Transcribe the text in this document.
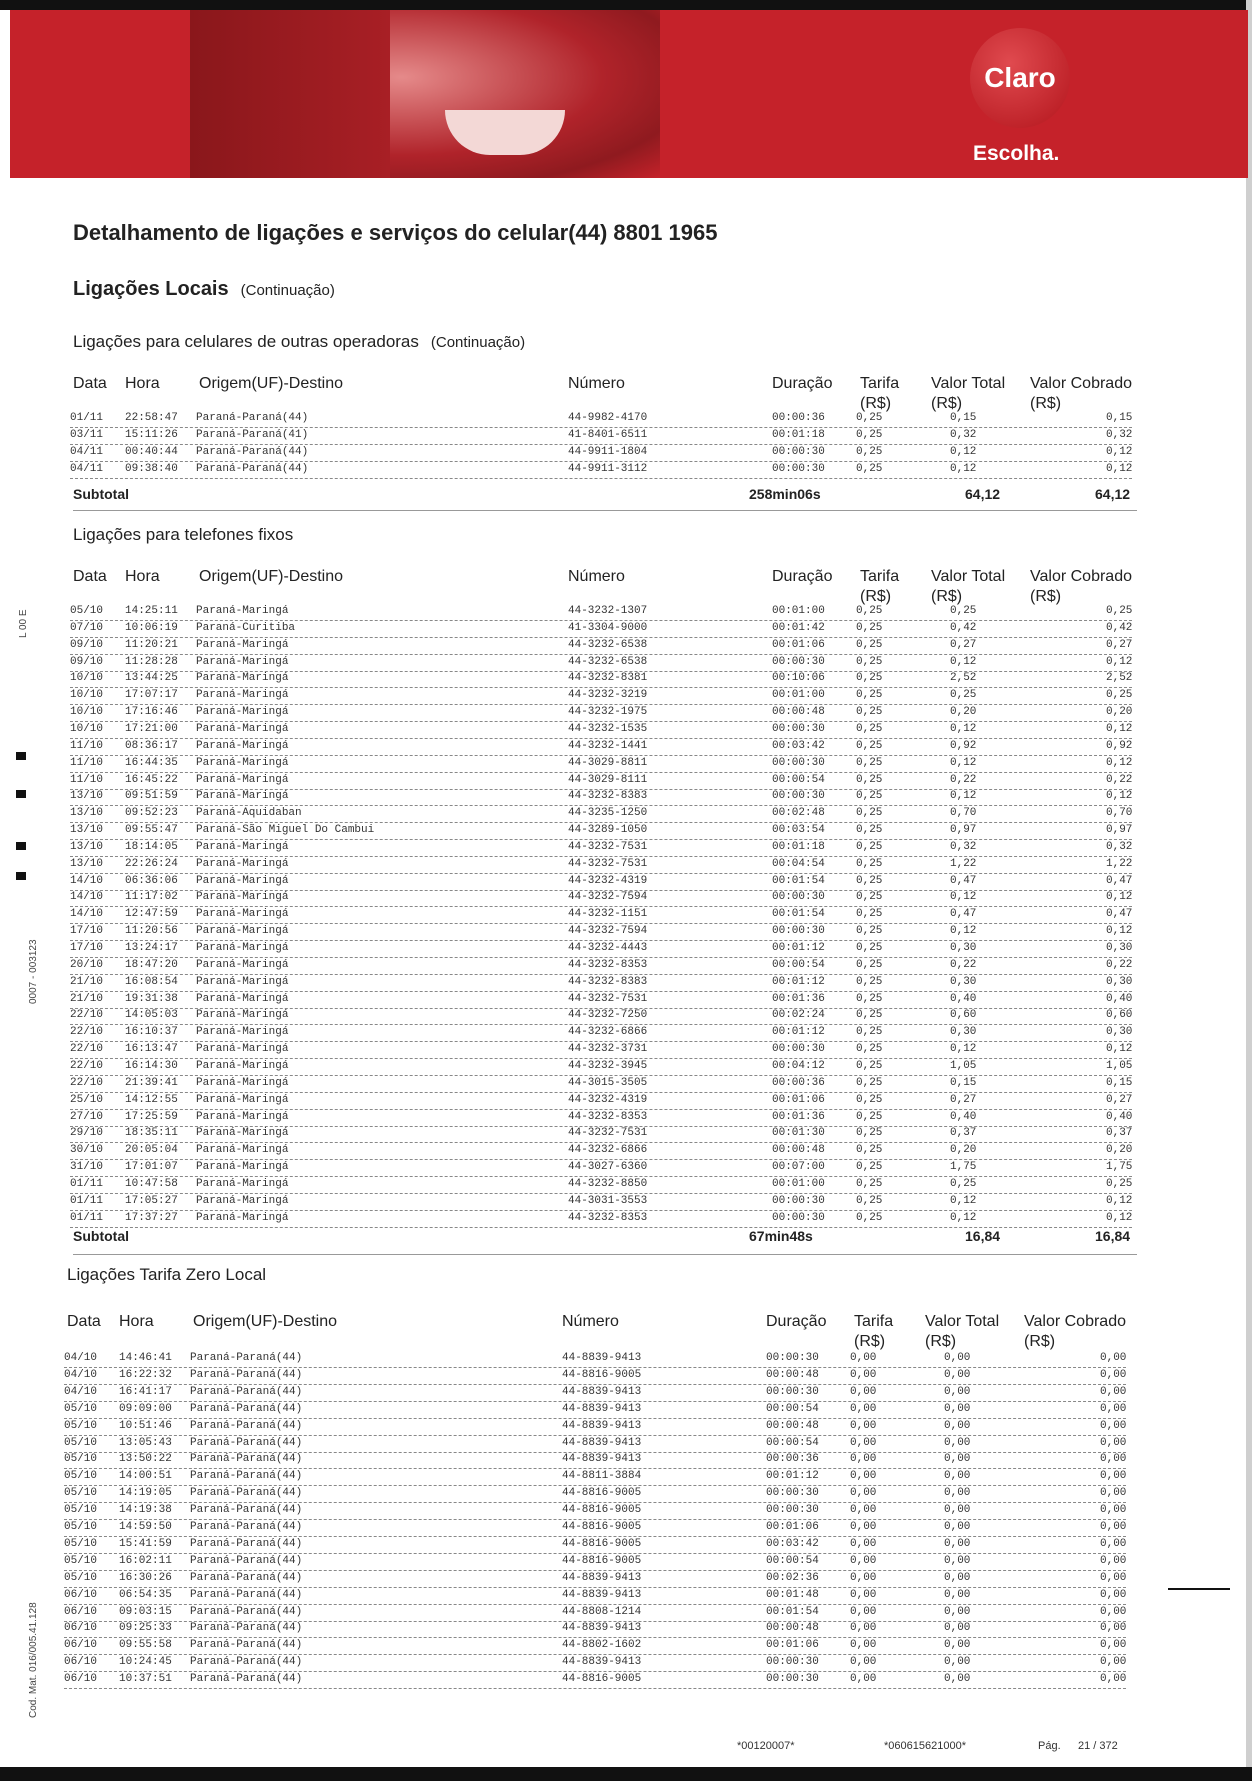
Claro
Escolha.
Detalhamento de ligações e serviços do celular(44) 8801 1965
Ligações Locais (Continuação)
Ligações para celulares de outras operadoras (Continuação)
Data Hora Origem(UF)-Destino	Número	Duração Tarifa (R$)
Valor Total (R$)
Valor Cobrado (R$)
01/11 22:58:47 Paraná-Paraná(44)	44-9982-4170	00:00:36	0,25	0,15	0,15
03/11 15:11:26 Paraná-Paraná(41)	41-8401-6511	00:01:18	0,25	0,32	0,32
04/11 00:40:44 Paraná-Paraná(44)	44-9911-1804	00:00:30	0,25	0,12	0,12
04/11 09:38:40 Paraná-Paraná(44)	44-9911-3112	00:00:30	0,25	0,12	0,12
Subtotal	258min06s	64,12	64,12
Ligações para telefones fixos
Data Hora Origem(UF)-Destino	Número	Duração Tarifa (R$)
Valor Total (R$)
Valor Cobrado (R$)
05/10 14:25:11 Paraná-Maringá	44-3232-1307	00:01:00	0,25	0,25	0,25
07/10 10:06:19 Paraná-Curitiba	41-3304-9000	00:01:42	0,25	0,42	0,42
09/10 11:20:21 Paraná-Maringá	44-3232-6538	00:01:06	0,25	0,27	0,27
09/10 11:28:28 Paraná-Maringá	44-3232-6538	00:00:30	0,25	0,12	0,12
10/10 13:44:25 Paraná-Maringá	44-3232-8381	00:10:06	0,25	2,52	2,52
10/10 17:07:17 Paraná-Maringá	44-3232-3219	00:01:00	0,25	0,25	0,25
10/10 17:16:46 Paraná-Maringá	44-3232-1975	00:00:48	0,25	0,20	0,20
10/10 17:21:00 Paraná-Maringá	44-3232-1535	00:00:30	0,25	0,12	0,12
11/10 08:36:17 Paraná-Maringá	44-3232-1441	00:03:42	0,25	0,92	0,92
11/10 16:44:35 Paraná-Maringá	44-3029-8811	00:00:30	0,25	0,12	0,12
11/10 16:45:22 Paraná-Maringá	44-3029-8111	00:00:54	0,25	0,22	0,22
13/10 09:51:59 Paraná-Maringá	44-3232-8383	00:00:30	0,25	0,12	0,12
13/10 09:52:23 Paraná-Aquidaban	44-3235-1250	00:02:48	0,25	0,70	0,70
13/10 09:55:47 Paraná-São Miguel Do Cambui	44-3289-1050	00:03:54	0,25	0,97	0,97
13/10 18:14:05 Paraná-Maringá	44-3232-7531	00:01:18	0,25	0,32	0,32
13/10 22:26:24 Paraná-Maringá	44-3232-7531	00:04:54	0,25	1,22	1,22
14/10 06:36:06 Paraná-Maringá	44-3232-4319	00:01:54	0,25	0,47	0,47
14/10 11:17:02 Paraná-Maringá	44-3232-7594	00:00:30	0,25	0,12	0,12
14/10 12:47:59 Paraná-Maringá	44-3232-1151	00:01:54	0,25	0,47	0,47
17/10 11:20:56 Paraná-Maringá	44-3232-7594	00:00:30	0,25	0,12	0,12
17/10 13:24:17 Paraná-Maringá	44-3232-4443	00:01:12	0,25	0,30	0,30
20/10 18:47:20 Paraná-Maringá	44-3232-8353	00:00:54	0,25	0,22	0,22
21/10 16:08:54 Paraná-Maringá	44-3232-8383	00:01:12	0,25	0,30	0,30
21/10 19:31:38 Paraná-Maringá	44-3232-7531	00:01:36	0,25	0,40	0,40
22/10 14:05:03 Paraná-Maringá	44-3232-7250	00:02:24	0,25	0,60	0,60
22/10 16:10:37 Paraná-Maringá	44-3232-6866	00:01:12	0,25	0,30	0,30
22/10 16:13:47 Paraná-Maringá	44-3232-3731	00:00:30	0,25	0,12	0,12
22/10 16:14:30 Paraná-Maringá	44-3232-3945	00:04:12	0,25	1,05	1,05
22/10 21:39:41 Paraná-Maringá	44-3015-3505	00:00:36	0,25	0,15	0,15
25/10 14:12:55 Paraná-Maringá	44-3232-4319	00:01:06	0,25	0,27	0,27
27/10 17:25:59 Paraná-Maringá	44-3232-8353	00:01:36	0,25	0,40	0,40
29/10 18:35:11 Paraná-Maringá	44-3232-7531	00:01:30	0,25	0,37	0,37
30/10 20:05:04 Paraná-Maringá	44-3232-6866	00:00:48	0,25	0,20	0,20
31/10 17:01:07 Paraná-Maringá	44-3027-6360	00:07:00	0,25	1,75	1,75
01/11 10:47:58 Paraná-Maringá	44-3232-8850	00:01:00	0,25	0,25	0,25
01/11 17:05:27 Paraná-Maringá	44-3031-3553	00:00:30	0,25	0,12	0,12
01/11 17:37:27 Paraná-Maringá	44-3232-8353	00:00:30	0,25	0,12	0,12
Subtotal	67min48s	16,84	16,84
Ligações Tarifa Zero Local
Data Hora Origem(UF)-Destino	Número	Duração Tarifa (R$)
Valor Total (R$)
Valor Cobrado (R$)
04/10 14:46:41 Paraná-Paraná(44)	44-8839-9413	00:00:30	0,00	0,00	0,00
04/10 16:22:32 Paraná-Paraná(44)	44-8816-9005	00:00:48	0,00	0,00	0,00
04/10 16:41:17 Paraná-Paraná(44)	44-8839-9413	00:00:30	0,00	0,00	0,00
05/10 09:09:00 Paraná-Paraná(44)	44-8839-9413	00:00:54	0,00	0,00	0,00
05/10 10:51:46 Paraná-Paraná(44)	44-8839-9413	00:00:48	0,00	0,00	0,00
05/10 13:05:43 Paraná-Paraná(44)	44-8839-9413	00:00:54	0,00	0,00	0,00
05/10 13:50:22 Paraná-Paraná(44)	44-8839-9413	00:00:36	0,00	0,00	0,00
05/10 14:00:51 Paraná-Paraná(44)	44-8811-3884	00:01:12	0,00	0,00	0,00
05/10 14:19:05 Paraná-Paraná(44)	44-8816-9005	00:00:30	0,00	0,00	0,00
05/10 14:19:38 Paraná-Paraná(44)	44-8816-9005	00:00:30	0,00	0,00	0,00
05/10 14:59:50 Paraná-Paraná(44)	44-8816-9005	00:01:06	0,00	0,00	0,00
05/10 15:41:59 Paraná-Paraná(44)	44-8816-9005	00:03:42	0,00	0,00	0,00
05/10 16:02:11 Paraná-Paraná(44)	44-8816-9005	00:00:54	0,00	0,00	0,00
05/10 16:30:26 Paraná-Paraná(44)	44-8839-9413	00:02:36	0,00	0,00	0,00
06/10 06:54:35 Paraná-Paraná(44)	44-8839-9413	00:01:48	0,00	0,00	0,00
06/10 09:03:15 Paraná-Paraná(44)	44-8808-1214	00:01:54	0,00	0,00	0,00
06/10 09:25:33 Paraná-Paraná(44)	44-8839-9413	00:00:48	0,00	0,00	0,00
06/10 09:55:58 Paraná-Paraná(44)	44-8802-1602	00:01:06	0,00	0,00	0,00
06/10 10:24:45 Paraná-Paraná(44)	44-8839-9413	00:00:30	0,00	0,00	0,00
06/10 10:37:51 Paraná-Paraná(44)	44-8816-9005	00:00:30	0,00	0,00	0,00
L 00 E
0007 - 003123
Cod. Mat. 016/005.41.128
*00120007*	*060615621000*	Pág. 21 / 372
